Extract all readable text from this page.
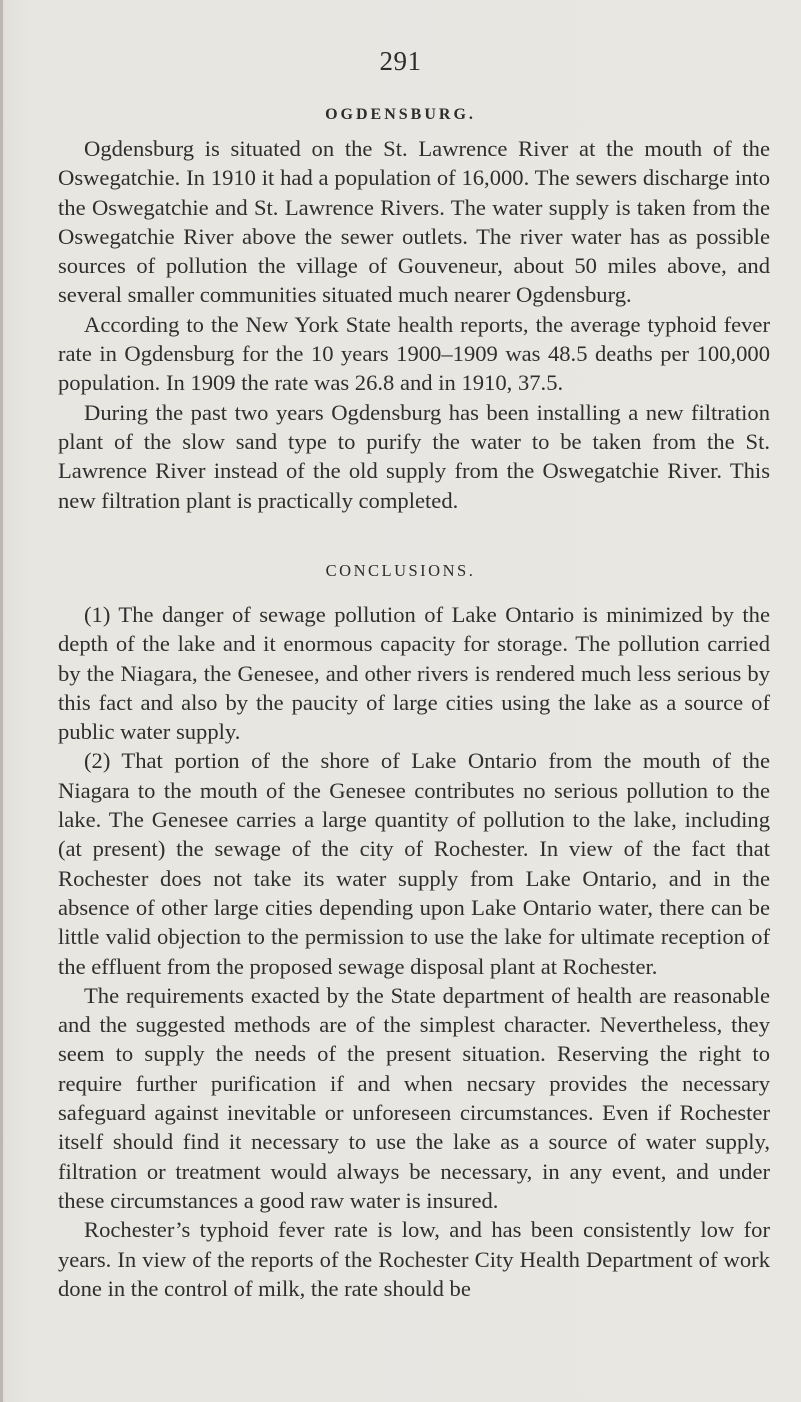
291
OGDENSBURG.

Ogdensburg is situated on the St. Lawrence River at the mouth of the Oswegatchie. In 1910 it had a population of 16,000. The sewers discharge into the Oswegatchie and St. Lawrence Rivers. The water supply is taken from the Oswegatchie River above the sewer outlets. The river water has as possible sources of pollution the village of Gouveneur, about 50 miles above, and several smaller communities situated much nearer Ogdensburg.

According to the New York State health reports, the average typhoid fever rate in Ogdensburg for the 10 years 1900–1909 was 48.5 deaths per 100,000 population. In 1909 the rate was 26.8 and in 1910, 37.5.

During the past two years Ogdensburg has been installing a new filtration plant of the slow sand type to purify the water to be taken from the St. Lawrence River instead of the old supply from the Oswegatchie River. This new filtration plant is practically completed.

CONCLUSIONS.

(1) The danger of sewage pollution of Lake Ontario is minimized by the depth of the lake and it enormous capacity for storage. The pollution carried by the Niagara, the Genesee, and other rivers is rendered much less serious by this fact and also by the paucity of large cities using the lake as a source of public water supply.

(2) That portion of the shore of Lake Ontario from the mouth of the Niagara to the mouth of the Genesee contributes no serious pollution to the lake. The Genesee carries a large quantity of pollution to the lake, including (at present) the sewage of the city of Rochester. In view of the fact that Rochester does not take its water supply from Lake Ontario, and in the absence of other large cities depending upon Lake Ontario water, there can be little valid objection to the permission to use the lake for ultimate reception of the effluent from the proposed sewage disposal plant at Rochester.

The requirements exacted by the State department of health are reasonable and the suggested methods are of the simplest character. Nevertheless, they seem to supply the needs of the present situation. Reserving the right to require further purification if and when necsary provides the necessary safeguard against inevitable or unforeseen circumstances. Even if Rochester itself should find it necessary to use the lake as a source of water supply, filtration or treatment would always be necessary, in any event, and under these circumstances a good raw water is insured.

Rochester’s typhoid fever rate is low, and has been consistently low for years. In view of the reports of the Rochester City Health Department of work done in the control of milk, the rate should be
